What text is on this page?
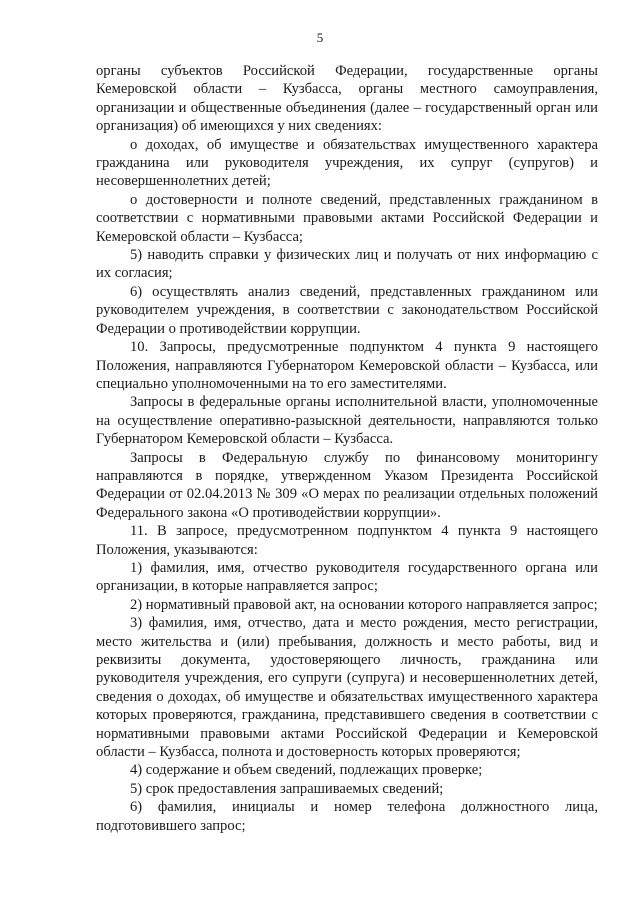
5

органы субъектов Российской Федерации, государственные органы Кемеровской области – Кузбасса, органы местного самоуправления, организации и общественные объединения (далее – государственный орган или организация) об имеющихся у них сведениях:

о доходах, об имуществе и обязательствах имущественного характера гражданина или руководителя учреждения, их супруг (супругов) и несовершеннолетних детей;

о достоверности и полноте сведений, представленных гражданином в соответствии с нормативными правовыми актами Российской Федерации и Кемеровской области – Кузбасса;

5) наводить справки у физических лиц и получать от них информацию с их согласия;

6) осуществлять анализ сведений, представленных гражданином или руководителем учреждения, в соответствии с законодательством Российской Федерации о противодействии коррупции.

10. Запросы, предусмотренные подпунктом 4 пункта 9 настоящего Положения, направляются Губернатором Кемеровской области – Кузбасса, или специально уполномоченными на то его заместителями.

Запросы в федеральные органы исполнительной власти, уполномоченные на осуществление оперативно-разыскной деятельности, направляются только Губернатором Кемеровской области – Кузбасса.

Запросы в Федеральную службу по финансовому мониторингу направляются в порядке, утвержденном Указом Президента Российской Федерации от 02.04.2013 № 309 «О мерах по реализации отдельных положений Федерального закона «О противодействии коррупции».

11. В запросе, предусмотренном подпунктом 4 пункта 9 настоящего Положения, указываются:

1) фамилия, имя, отчество руководителя государственного органа или организации, в которые направляется запрос;

2) нормативный правовой акт, на основании которого направляется запрос;

3) фамилия, имя, отчество, дата и место рождения, место регистрации, место жительства и (или) пребывания, должность и место работы, вид и реквизиты документа, удостоверяющего личность, гражданина или руководителя учреждения, его супруги (супруга) и несовершеннолетних детей, сведения о доходах, об имуществе и обязательствах имущественного характера которых проверяются, гражданина, представившего сведения в соответствии с нормативными правовыми актами Российской Федерации и Кемеровской области – Кузбасса, полнота и достоверность которых проверяются;

4) содержание и объем сведений, подлежащих проверке;

5) срок предоставления запрашиваемых сведений;

6) фамилия, инициалы и номер телефона должностного лица, подготовившего запрос;
